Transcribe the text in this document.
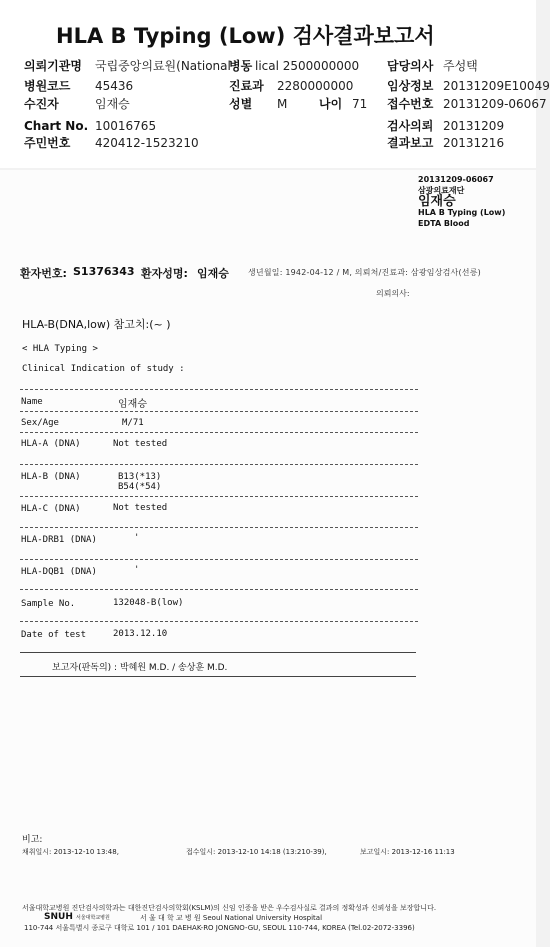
HLA B Typing (Low) 검사결과보고서
의뢰기관명 국립중앙의료원(National
병동 lical 2500000000 담당의사 주성택
병원코드 45436	진료과 2280000000	임상정보 20131209E10049
수진자	임재승	성별 M	나이 71 접수번호 20131209-06067
Chart No. 10016765	검사의뢰 20131209
주민번호 420412-1523210	결과보고 20131216
20131209-06067
삼광의료재단
임재승
HLA B Typing (Low)
EDTA Blood
환자번호: S1376343 환자성명: 임재승 생년월일: 1942-04-12 / M, 의뢰처/진료과: 삼광임상검사(선릉)
의뢰의사:
HLA-B(DNA,low) 참고치:(~ )
< HLA Typing >
Clinical Indication of study :
Name	임재승
Sex/Age	M/71
HLA-A (DNA)	Not tested
HLA-B (DNA)	B13(*13)
B54(*54)
HLA-C (DNA)	Not tested
HLA-DRB1 (DNA)	'
HLA-DQB1 (DNA)	'
Sample No.	132048-B(low)
Date of test	2013.12.10
보고자(판독의) : 박혜원 M.D. / 송상훈 M.D.
비고:
채취일시: 2013-12-10 13:48,	접수일시: 2013-12-10 14:18 (13:210-39),	보고일시: 2013-12-16 11:13
서울대학교병원 진단검사의학과는 대한진단검사의학회(KSLM)의 신임 인증을 받은 우수검사실로 결과의 정확성과 신뢰성을 보장합니다.
SNUH 서울대학교병원	서 울 대 학 교 병 원 Seoul National University Hospital
110-744 서울특별시 종로구 대학로 101 / 101 DAEHAK-RO JONGNO-GU, SEOUL 110-744, KOREA (Tel.02-2072-3396)
